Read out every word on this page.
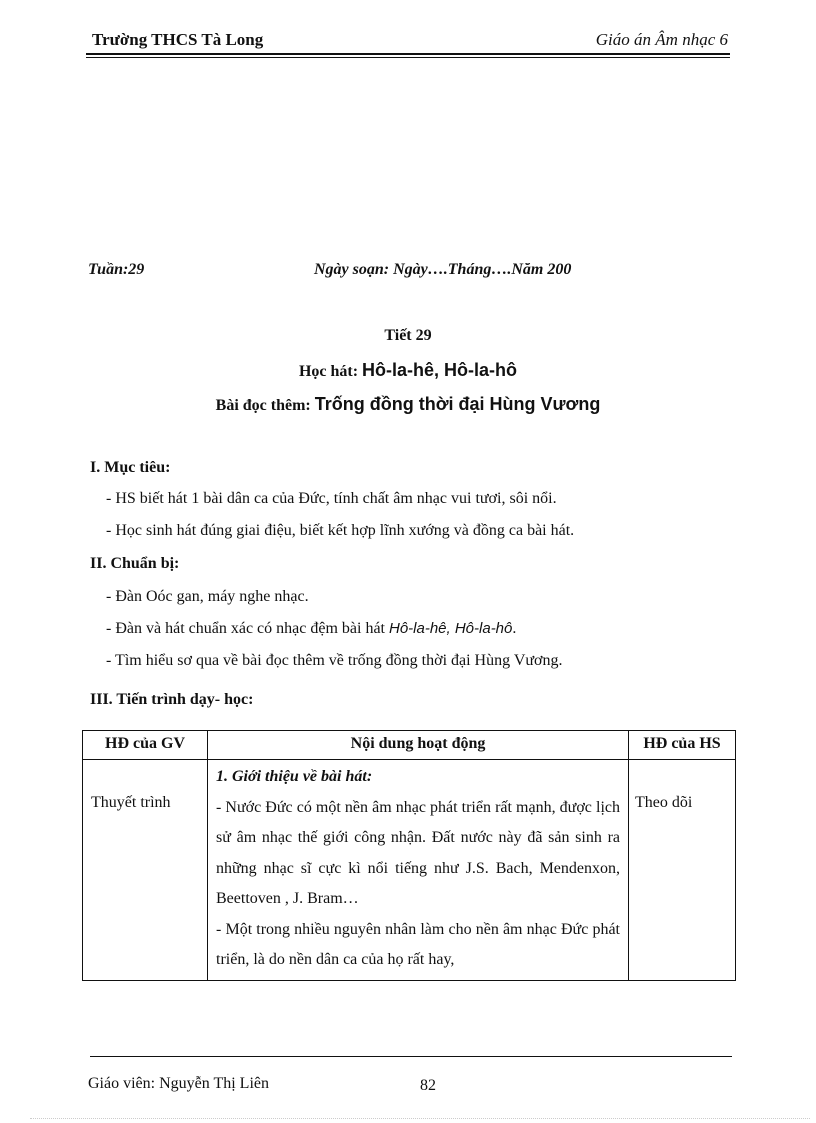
Trường THCS Tà Long	Giáo án Âm nhạc 6
Tuần:29	Ngày soạn: Ngày….Tháng….Năm 200
Tiết 29
Học hát: Hô-la-hê, Hô-la-hô
Bài đọc thêm: Trống đồng thời đại Hùng Vương
I. Mục tiêu:
- HS biết hát 1 bài dân ca của Đức, tính chất âm nhạc vui tươi, sôi nổi.
- Học sinh hát đúng giai điệu, biết kết hợp lĩnh xướng và đồng ca bài hát.
II. Chuẩn bị:
- Đàn Oóc gan, máy nghe nhạc.
- Đàn và hát chuẩn xác có nhạc đệm bài hát Hô-la-hê, Hô-la-hô.
- Tìm hiểu sơ qua về bài đọc thêm về trống đồng thời đại Hùng Vương.
III. Tiến trình dạy- học:
HĐ của GV	Nội dung hoạt động	HĐ của HS
Thuyết trình	1. Giới thiệu về bài hát:

- Nước Đức có một nền âm nhạc phát triển rất mạnh, được lịch sử âm nhạc thế giới công nhận. Đất nước này đã sản sinh ra những nhạc sĩ cực kì nổi tiếng như J.S. Bach, Mendenxon, Beettoven , J. Bram…

- Một trong nhiều nguyên nhân làm cho nền âm nhạc Đức phát triển, là do nền dân ca của họ rất hay,	Theo dõi
Giáo viên: Nguyễn Thị Liên	82
